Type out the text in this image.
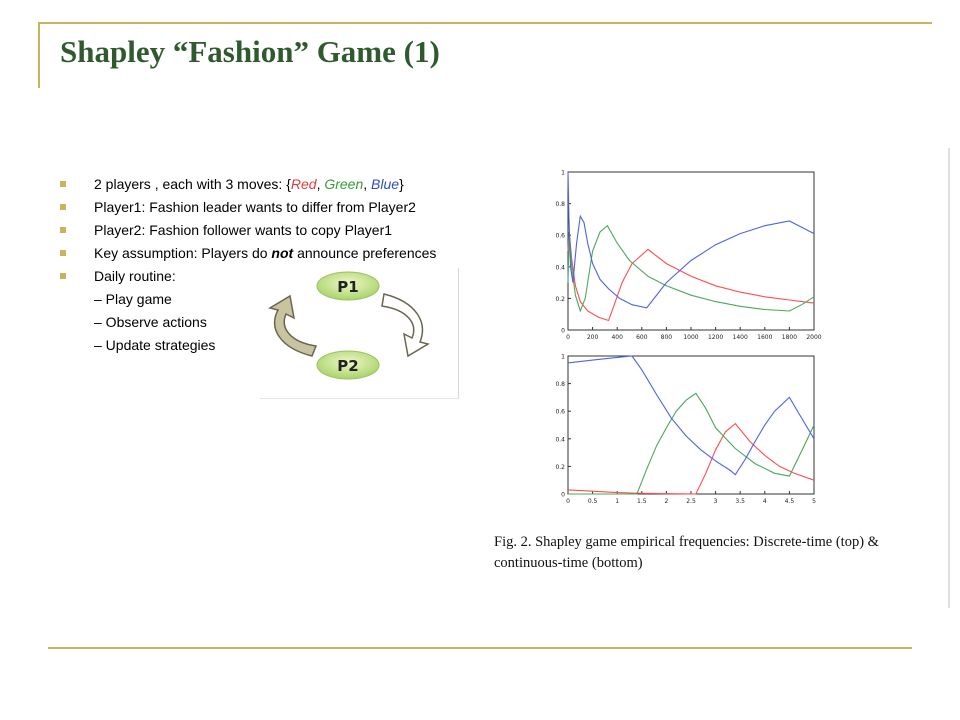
Shapley “Fashion” Game (1)
2 players , each with 3 moves: {Red, Green, Blue}
Player1: Fashion leader wants to differ from Player2
Player2: Fashion follower wants to copy Player1
Key assumption: Players do not announce preferences
Daily routine:
– Play game
– Observe actions
– Update strategies
P1
P2
0
0.2
0.4
0.6
0.8
1
0	200 400 600 800 1000 1200 1400 1600 1800 2000
0
0.2
0.4
0.6
0.8
1
0	0.5	1	1.5	2	2.5	3	3.5	4	4.5	5
Fig. 2. Shapley game empirical frequencies: Discrete-time (top) &
continuous-time (bottom)
